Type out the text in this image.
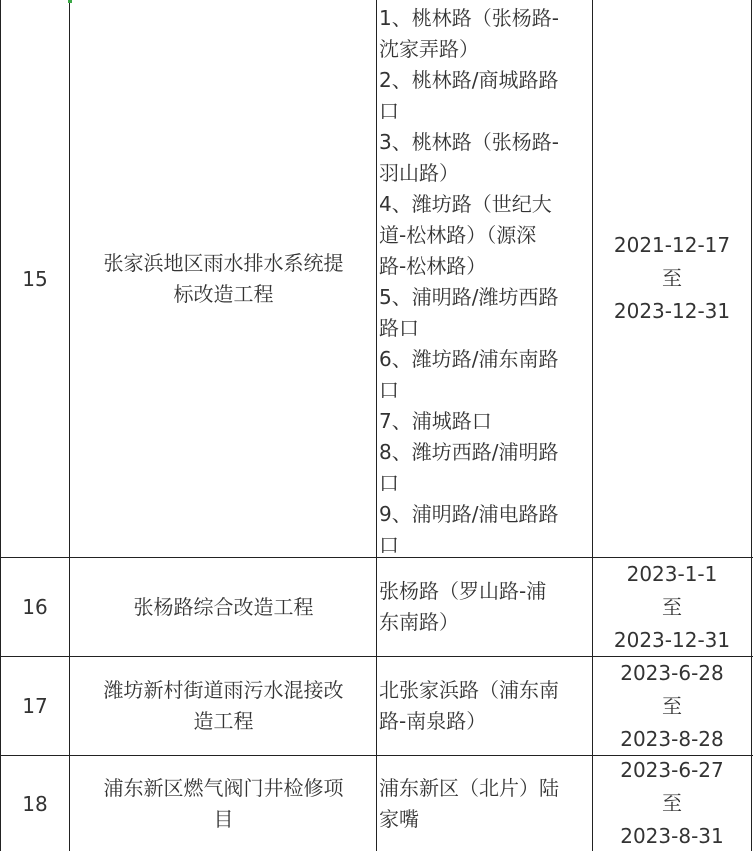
15
张家浜地区雨水排水系统提
标改造工程
1、桃林路（张杨路-
沈家弄路）
2、桃林路/商城路路
口
3、桃林路（张杨路-
羽山路）
4、潍坊路（世纪大
道-松林路）（源深
路-松林路）
5、浦明路/潍坊西路
路口
6、潍坊路/浦东南路
口
7、浦城路口
8、潍坊西路/浦明路
口
9、浦明路/浦电路路
口
2021-12-17
至
2023-12-31
16	张杨路综合改造工程
张杨路（罗山路-浦
东南路）
2023-1-1
至
2023-12-31
17
潍坊新村街道雨污水混接改
造工程
北张家浜路（浦东南
路-南泉路）
2023-6-28
至
2023-8-28
18
浦东新区燃气阀门井检修项
目
浦东新区（北片）陆
家嘴
2023-6-27
至
2023-8-31
